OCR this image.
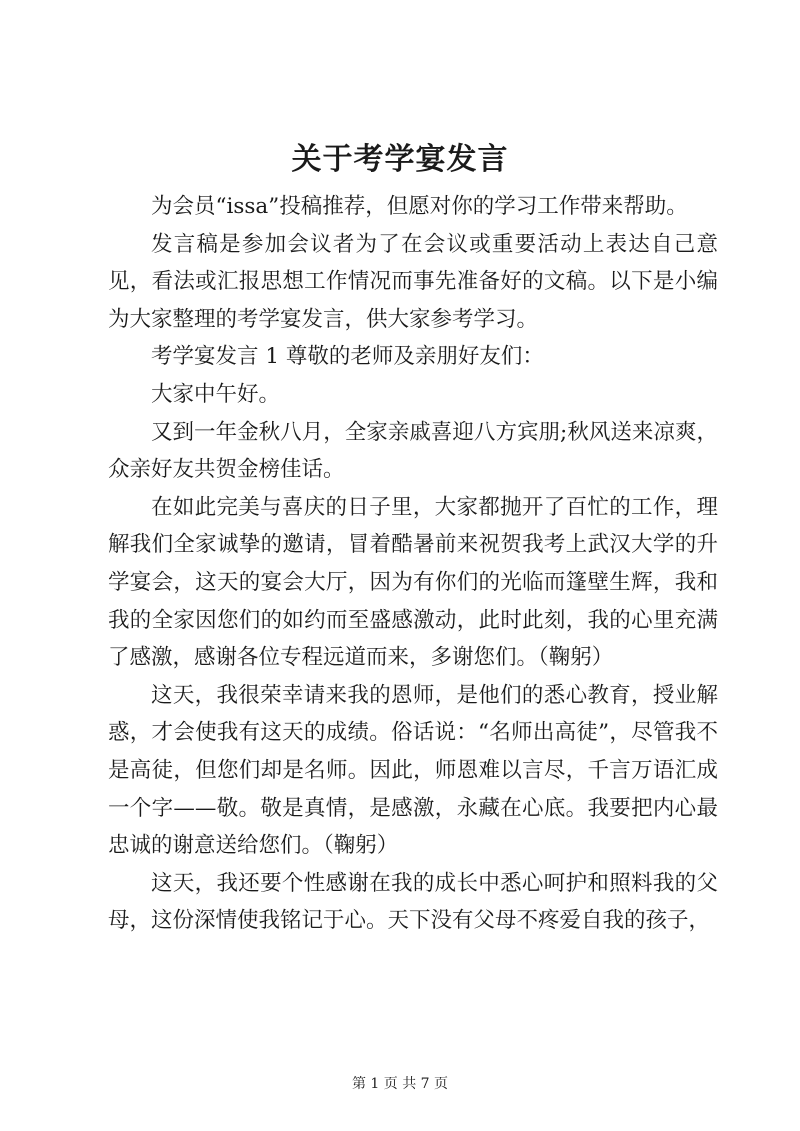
关于考学宴发言

为会员“issa”投稿推荐，但愿对你的学习工作带来帮助。

发言稿是参加会议者为了在会议或重要活动上表达自己意见，看法或汇报思想工作情况而事先准备好的文稿。以下是小编为大家整理的考学宴发言，供大家参考学习。

考学宴发言 1 尊敬的老师及亲朋好友们：

大家中午好。

又到一年金秋八月，全家亲戚喜迎八方宾朋;秋风送来凉爽，众亲好友共贺金榜佳话。

在如此完美与喜庆的日子里，大家都抛开了百忙的工作，理解我们全家诚挚的邀请，冒着酷暑前来祝贺我考上武汉大学的升学宴会，这天的宴会大厅，因为有你们的光临而篷壁生辉，我和我的全家因您们的如约而至盛感激动，此时此刻，我的心里充满了感激，感谢各位专程远道而来，多谢您们。（鞠躬）

这天，我很荣幸请来我的恩师，是他们的悉心教育，授业解惑，才会使我有这天的成绩。俗话说：“名师出高徒”，尽管我不是高徒，但您们却是名师。因此，师恩难以言尽，千言万语汇成一个字——敬。敬是真情，是感激，永藏在心底。我要把内心最忠诚的谢意送给您们。（鞠躬）

这天，我还要个性感谢在我的成长中悉心呵护和照料我的父母，这份深情使我铭记于心。天下没有父母不疼爱自我的孩子，

第 1 页 共 7 页
